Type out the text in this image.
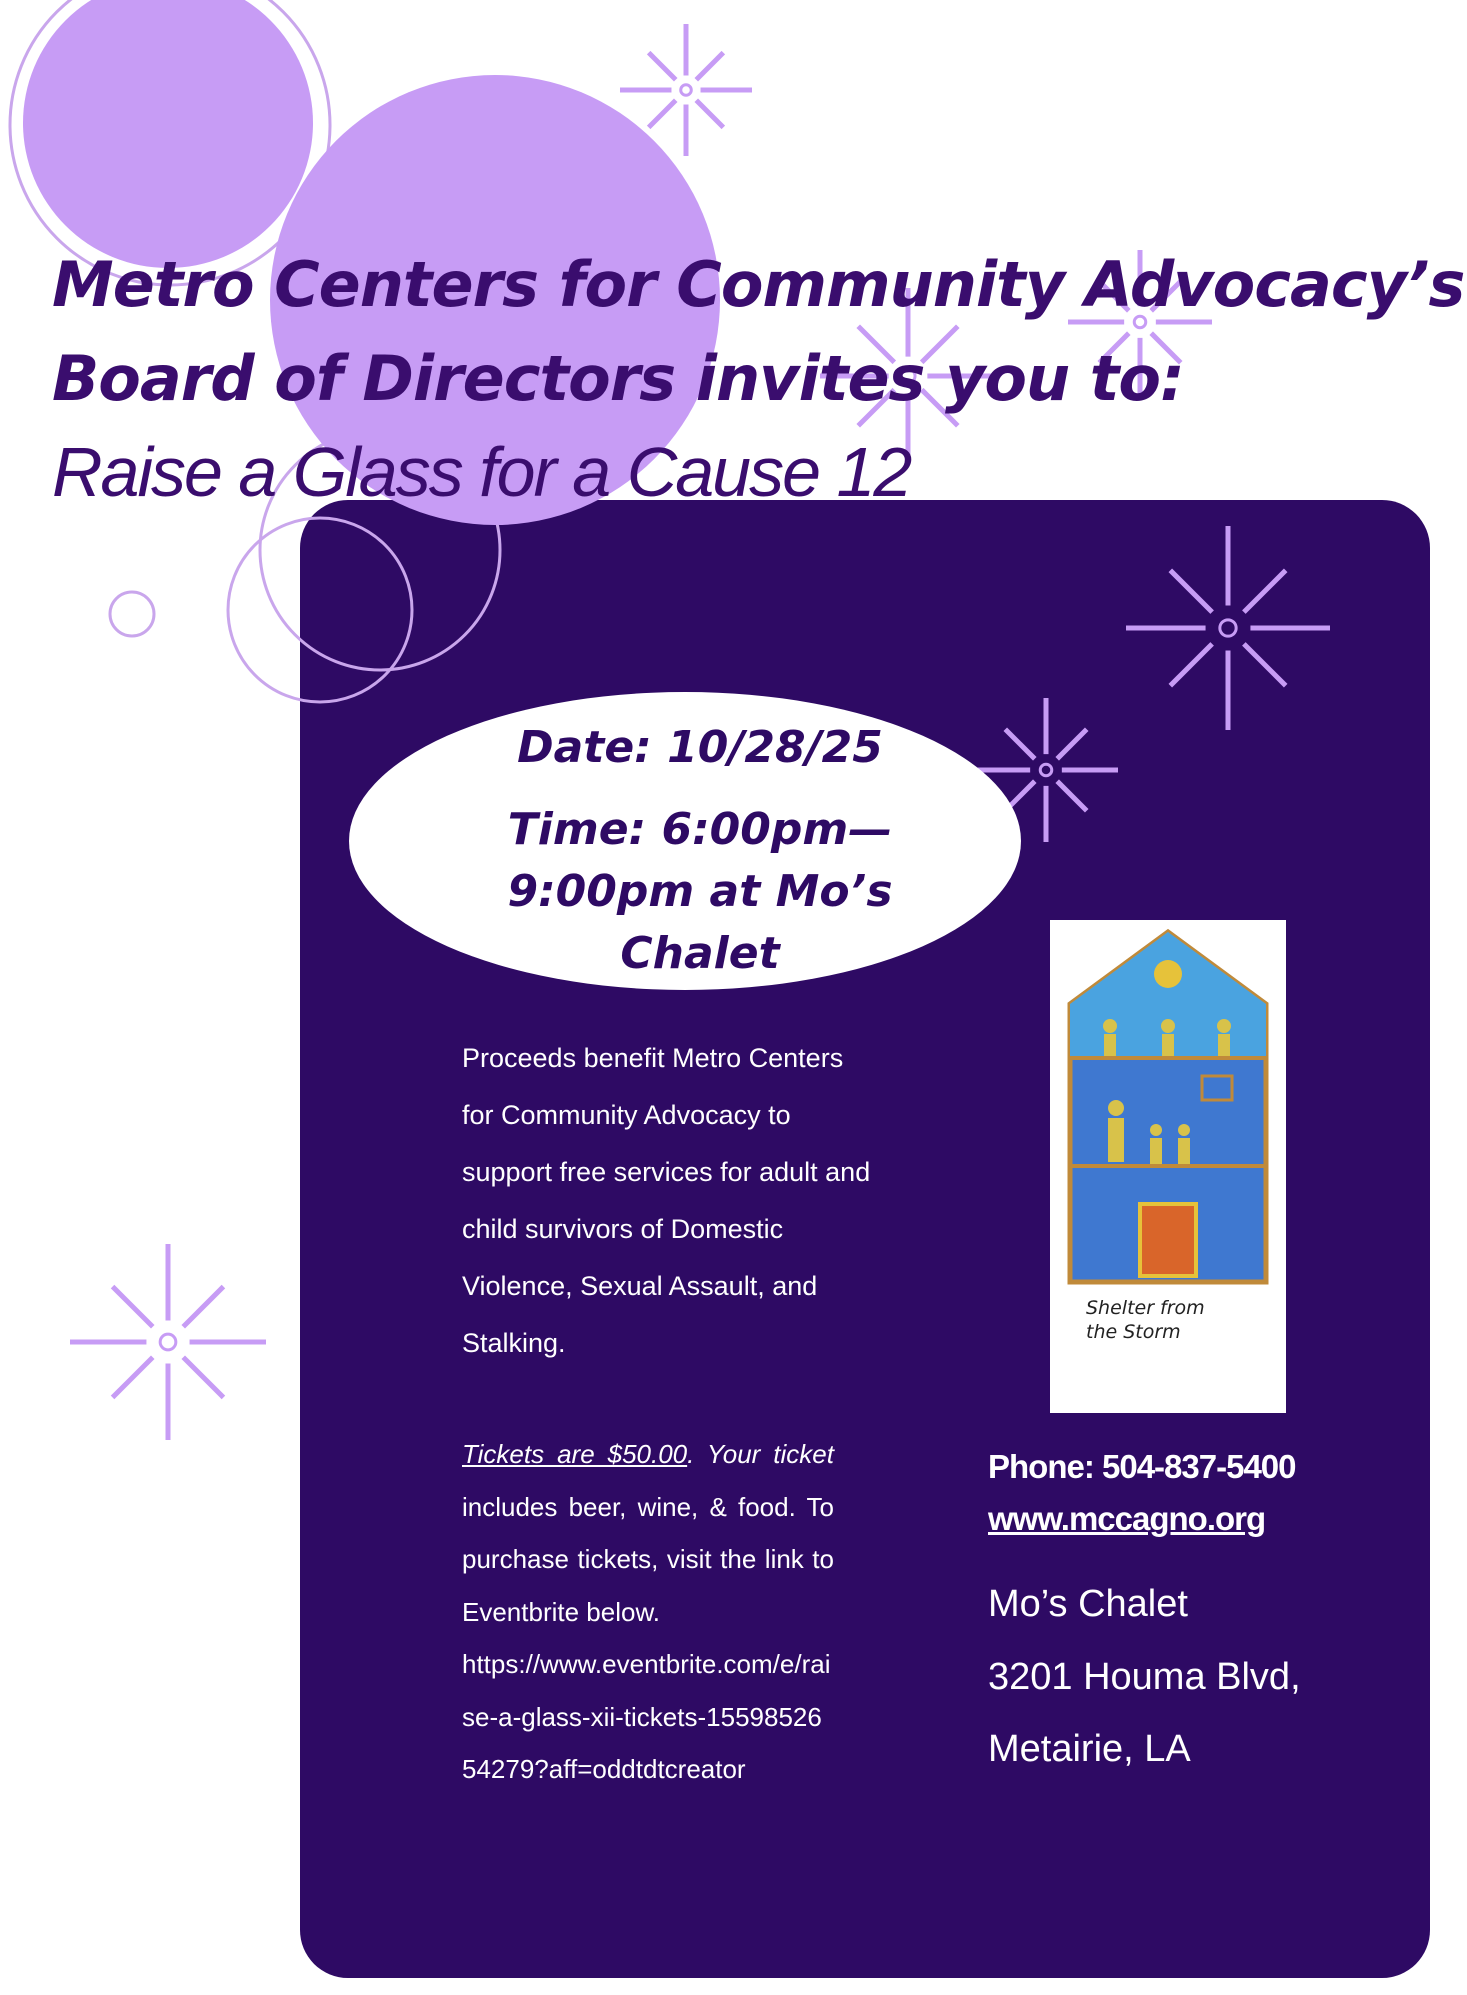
Metro Centers for Community Advocacy’s
Board of Directors invites you to:
Raise a Glass for a Cause 12
Date: 10/28/25
Time: 6:00pm—
9:00pm at Mo’s
Chalet
Proceeds benefit Metro Centers
for Community Advocacy to
support free services for adult and
child survivors of Domestic
Violence, Sexual Assault, and
Stalking.
Tickets are $50.00. Your ticket includes beer, wine, & food. To purchase tickets, visit the link to Eventbrite below.
https://www.eventbrite.com/e/raise-a-glass-xii-tickets-1559852654279?aff=oddtdtcreator
Shelter from
the Storm
Phone: 504-837-5400
www.mccagno.org
Mo’s Chalet
3201 Houma Blvd,
Metairie, LA
